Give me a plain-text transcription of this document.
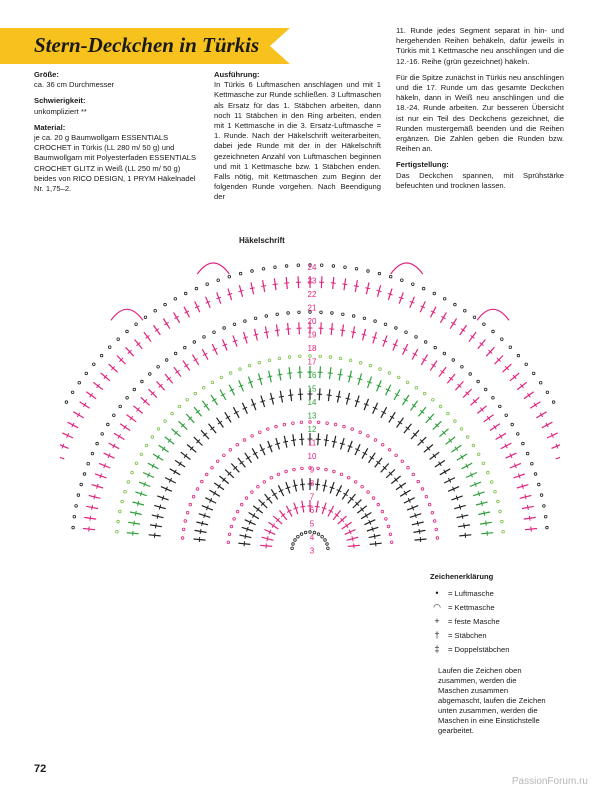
Stern-Deckchen in Türkis

Größe:
ca. 36 cm Durchmesser

Schwierigkeit:
unkompliziert **

Material:
je ca. 20 g Baumwollgarn ESSENTIALS CROCHET in Türkis (LL 280 m/ 50 g) und Baumwollgarn mit Polyesterfaden ESSENTIALS CROCHET GLITZ in Weiß (LL 250 m/ 50 g) beides von RICO DESIGN, 1 PRYM Häkelnadel Nr. 1,75–2.

Ausführung:
In Türkis 6 Luftmaschen anschlagen und mit 1 Kettmasche zur Runde schließen. 3 Luftmaschen als Ersatz für das 1. Stäbchen arbeiten, dann noch 11 Stäbchen in den Ring arbeiten, enden mit 1 Kettmasche in die 3. Ersatz-Luftmasche = 1. Runde. Nach der Häkelschrift weiterarbeiten, dabei jede Runde mit der in der Häkelschrift gezeichneten Anzahl von Luftmaschen beginnen und mit 1 Kettmasche bzw. 1 Stäbchen enden. Falls nötig, mit Kettmaschen zum Beginn der folgenden Runde vorgehen. Nach Beendigung der

11. Runde jedes Segment separat in hin- und hergehenden Reihen behäkeln, dafür jeweils in Türkis mit 1 Kettmasche neu anschlingen und die 12.-16. Reihe (grün gezeichnet) häkeln.

Für die Spitze zunächst in Türkis neu anschlingen und die 17. Runde um das gesamte Deckchen häkeln, dann in Weiß neu anschlingen und die 18.-24. Runde arbeiten. Zur besseren Übersicht ist nur ein Teil des Deckchens gezeichnet, die Runden mustergemäß beenden und die Reihen ergänzen. Die Zahlen geben die Runden bzw. Reihen an.

Fertigstellung:
Das Deckchen spannen, mit Sprühstärke befeuchten und trocknen lassen.

Häkelschrift
24
23
22
21
20
19
18
17
16
15
14
13
12
11
10
9
8
7
6
5
4
3
Zeichenerklärung
•	= Luftmasche
◠ = Kettmasche
+	= feste Masche
†	= Stäbchen
‡	= Doppelstäbchen
Laufen die Zeichen oben zusammen, werden die Maschen zusammen abgemascht, laufen die Zeichen unten zusammen, werden die Maschen in eine Einstichstelle gearbeitet.
72
PassionForum.ru
